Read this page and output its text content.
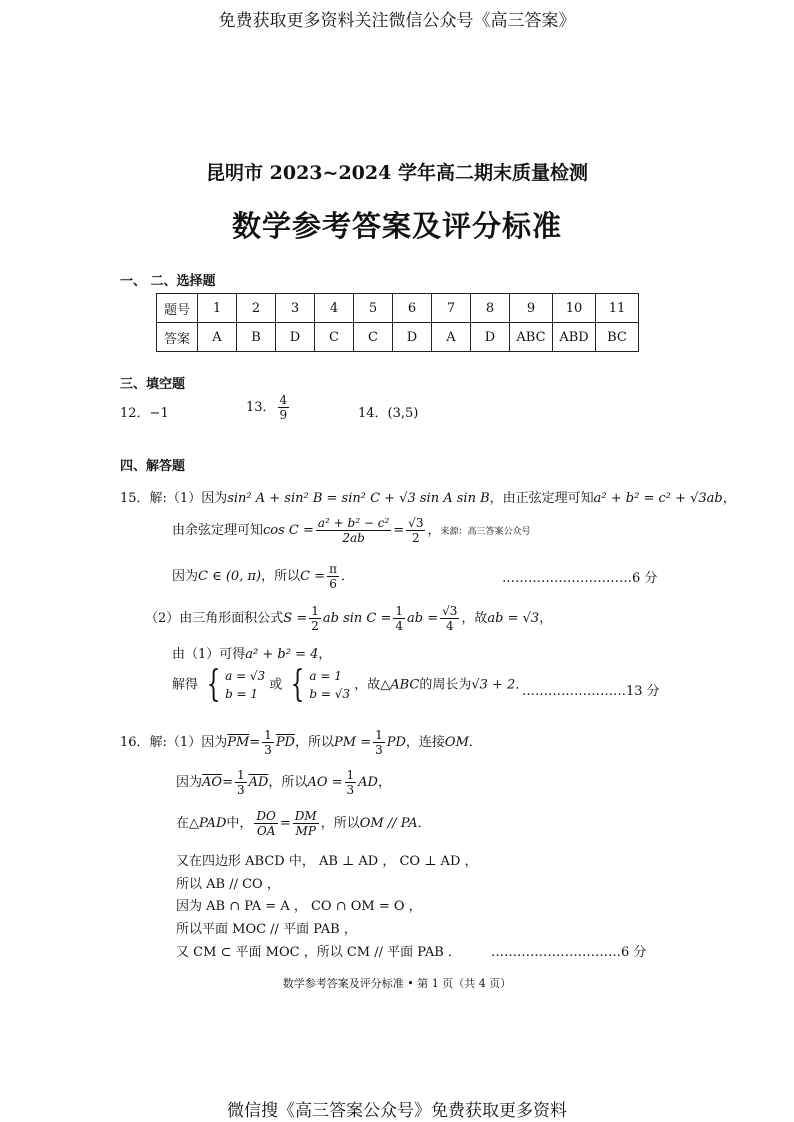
免费获取更多资料关注微信公众号《高三答案》
昆明市 2023~2024 学年高二期末质量检测
数学参考答案及评分标准
一、 二、选择题
题号	1	2	3	4	5	6	7	8	9	10	11
答案	A	B	D	C	C	D	A	D	ABC	ABD	BC
三、填空题
12．−1	13． $\frac{4}{9}$	14．(3,5)
四、解答题
15．解:（1）因为sin² A + sin² B = sin² C + √3 sin A sin B，由正弦定理可知a² + b² = c² + √3ab，
由余弦定理可知$\cos C = \frac{\text{a² + b² − c²}}{2ab} = \frac{√3}{2}$ ，来源：高三答案公众号
因为C ∈ (0, π)，所以$C = \frac{\pi}{6}$ ．	…………………………6 分
（2）由三角形面积公式$S = \frac{1}{2}$ ab $\sin C = \frac{1}{4}$ ab = $\frac{√3}{4}$ ，故ab = √3，
由（1）可得a² + b² = 4，
解得 { a = √3
b = 1
或 { a = 1
b = √3
，故△ABC的周长为√3 + 2．
……………………13 分
16．解:（1）因为$\overline{PM}= \frac{1}{3} \overline{PD}$，所以PM = $\frac{1}{3}$ PD，连接OM．
因为$\overline{AO}= \frac{1}{3} \overline{AD}$，所以AO = $\frac{1}{3}$ AD，
在△PAD中， $\frac{DO}{OA} = \frac{DM}{MP}$ ，所以OM // PA．
又在四边形 ABCD 中， AB ⊥ AD ， CO ⊥ AD ，
所以 AB // CO ，
因为 AB ∩ PA = A ， CO ∩ OM = O ，
所以平面 MOC // 平面 PAB ，
又 CM ⊂ 平面 MOC ，所以 CM // 平面 PAB ． …………………………6 分
数学参考答案及评分标准 • 第 1 页（共 4 页）
微信搜《高三答案公众号》免费获取更多资料
